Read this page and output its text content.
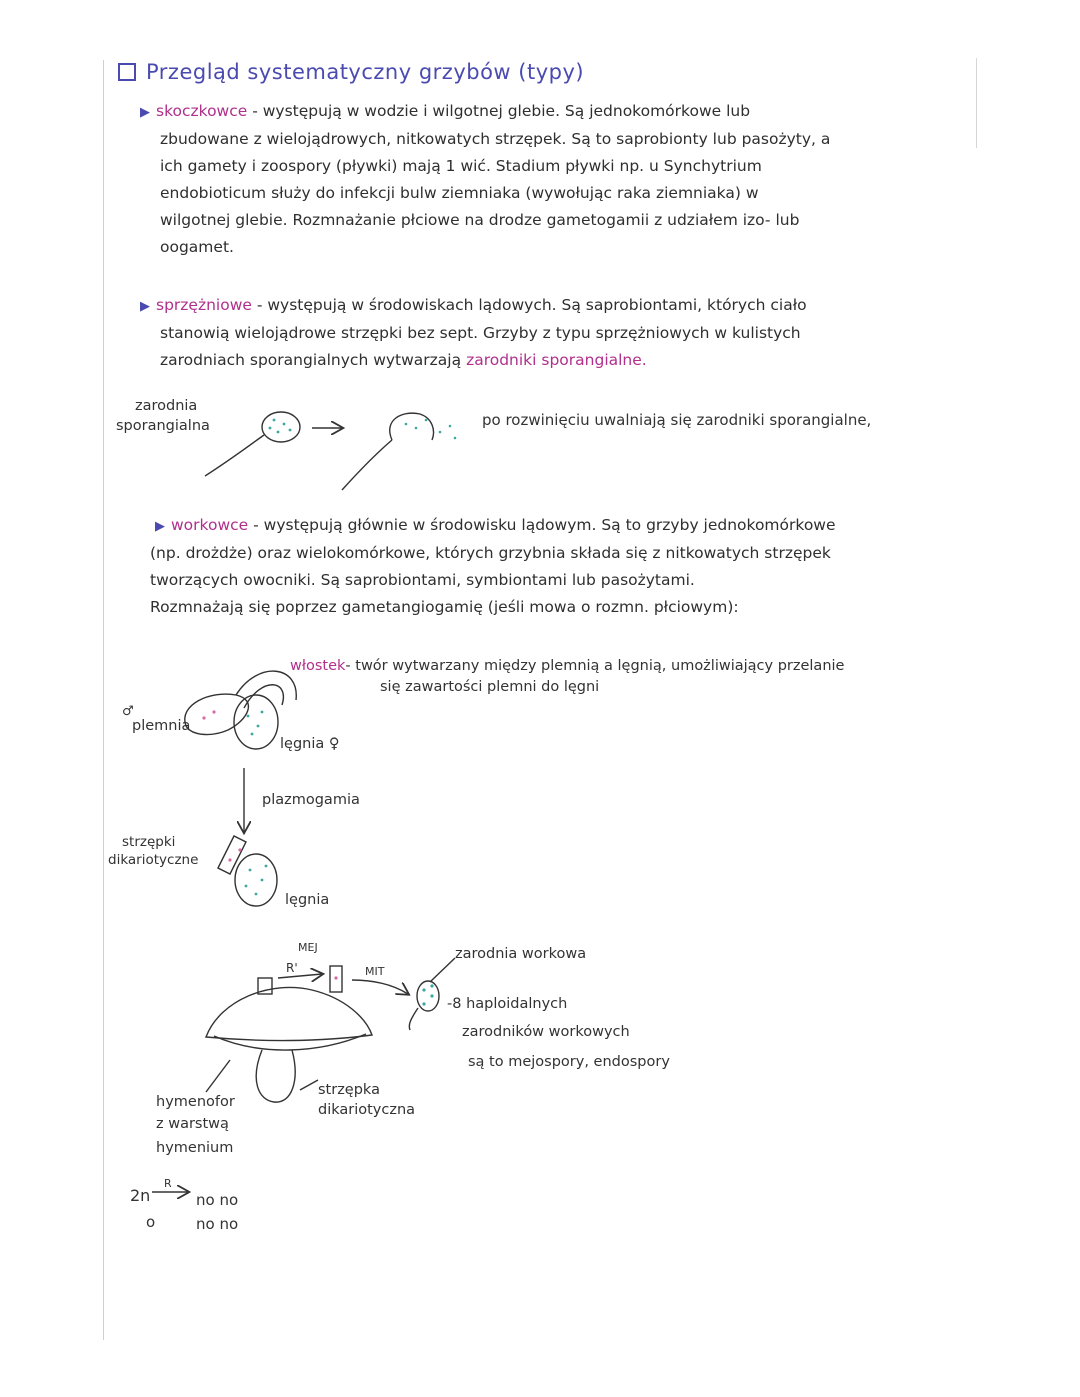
Przegląd systematyczny grzybów (typy)

▶ skoczkowce - występują w wodzie i wilgotnej glebie. Są jednokomórkowe lub

zbudowane z wielojądrowych, nitkowatych strzępek. Są to saprobionty lub pasożyty, a

ich gamety i zoospory (pływki) mają 1 wić. Stadium pływki np. u Synchytrium

endobioticum służy do infekcji bulw ziemniaka (wywołując raka ziemniaka) w

wilgotnej glebie. Rozmnażanie płciowe na drodze gametogamii z udziałem izo- lub

oogamet.

▶ sprzężniowe - występują w środowiskach lądowych. Są saprobiontami, których ciało

stanowią wielojądrowe strzępki bez sept. Grzyby z typu sprzężniowych w kulistych

zarodniach sporangialnych wytwarzają zarodniki sporangialne.

zarodnia
sporangialna	po rozwinięciu uwalniają się zarodniki sporangialne,

▶ workowce - występują głównie w środowisku lądowym. Są to grzyby jednokomórkowe

(np. drożdże) oraz wielokomórkowe, których grzybnia składa się z nitkowatych strzępek

tworzących owocniki. Są saprobiontami, symbiontami lub pasożytami.

Rozmnażają się poprzez gametangiogamię (jeśli mowa o rozmn. płciowym):

włostek- twór wytwarzany między plemnią a lęgnią, umożliwiający przelanie
się zawartości plemni do lęgni
♂
plemnia
lęgnia ♀
plazmogamia
strzępki
dikariotyczne
lęgnia
MEJ
R'	MIT
zarodnia workowa
-8 haploidalnych
zarodników workowych
są to mejospory, endospory
strzępka
dikariotyczna
hymenofor
z warstwą
hymenium
2n
R
o
no no
no no
